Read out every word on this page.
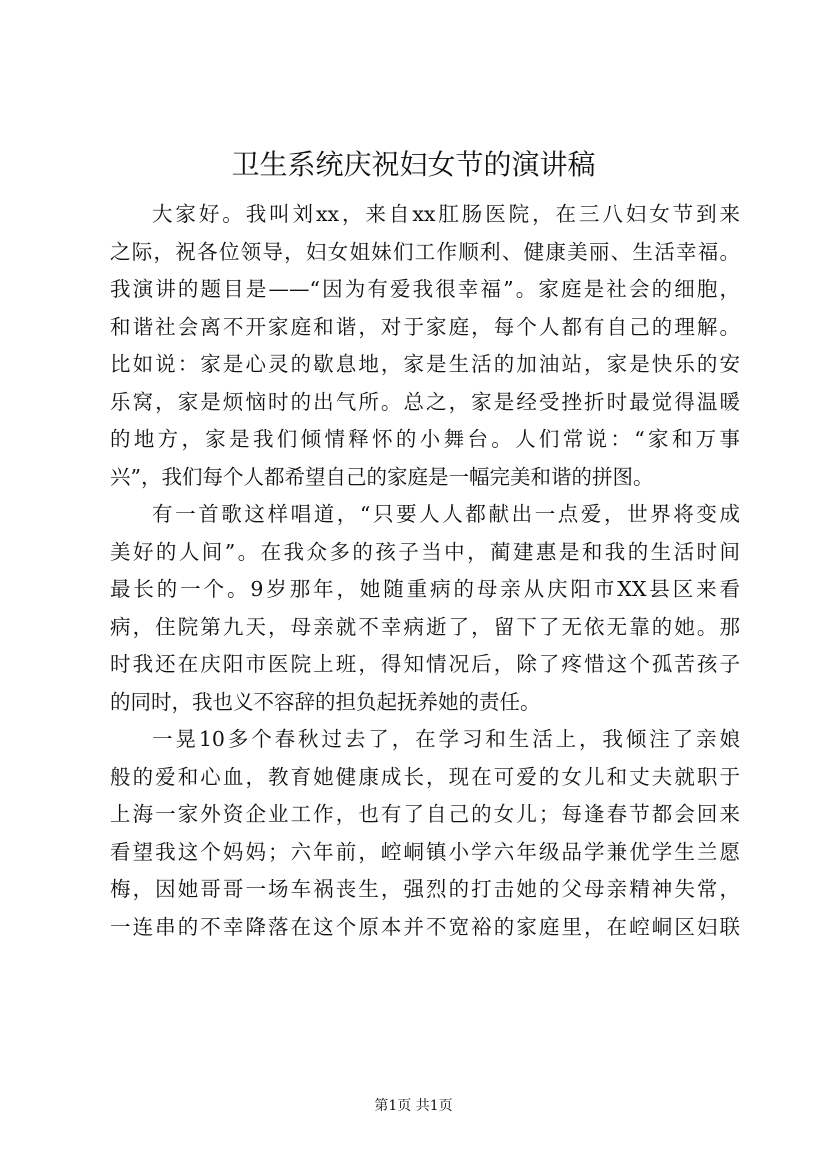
卫生系统庆祝妇女节的演讲稿
大家好。我叫刘xx，来自xx肛肠医院，在三八妇女节到来
之际，祝各位领导，妇女姐妹们工作顺利、健康美丽、生活幸福。
我演讲的题目是——“因为有爱我很幸福”。家庭是社会的细胞，
和谐社会离不开家庭和谐，对于家庭，每个人都有自己的理解。
比如说：家是心灵的歇息地，家是生活的加油站，家是快乐的安
乐窝，家是烦恼时的出气所。总之，家是经受挫折时最觉得温暖
的地方，家是我们倾情释怀的小舞台。人们常说：“家和万事
兴”，我们每个人都希望自己的家庭是一幅完美和谐的拼图。
有一首歌这样唱道，“只要人人都献出一点爱，世界将变成
美好的人间”。在我众多的孩子当中，蔺建惠是和我的生活时间
最长的一个。9岁那年，她随重病的母亲从庆阳市XX县区来看
病，住院第九天，母亲就不幸病逝了，留下了无依无靠的她。那
时我还在庆阳市医院上班，得知情况后，除了疼惜这个孤苦孩子
的同时，我也义不容辞的担负起抚养她的责任。
一晃10多个春秋过去了，在学习和生活上，我倾注了亲娘
般的爱和心血，教育她健康成长，现在可爱的女儿和丈夫就职于
上海一家外资企业工作，也有了自己的女儿；每逢春节都会回来
看望我这个妈妈；六年前，崆峒镇小学六年级品学兼优学生兰愿
梅，因她哥哥一场车祸丧生，强烈的打击她的父母亲精神失常，
一连串的不幸降落在这个原本并不宽裕的家庭里，在崆峒区妇联
第1页 共1页
